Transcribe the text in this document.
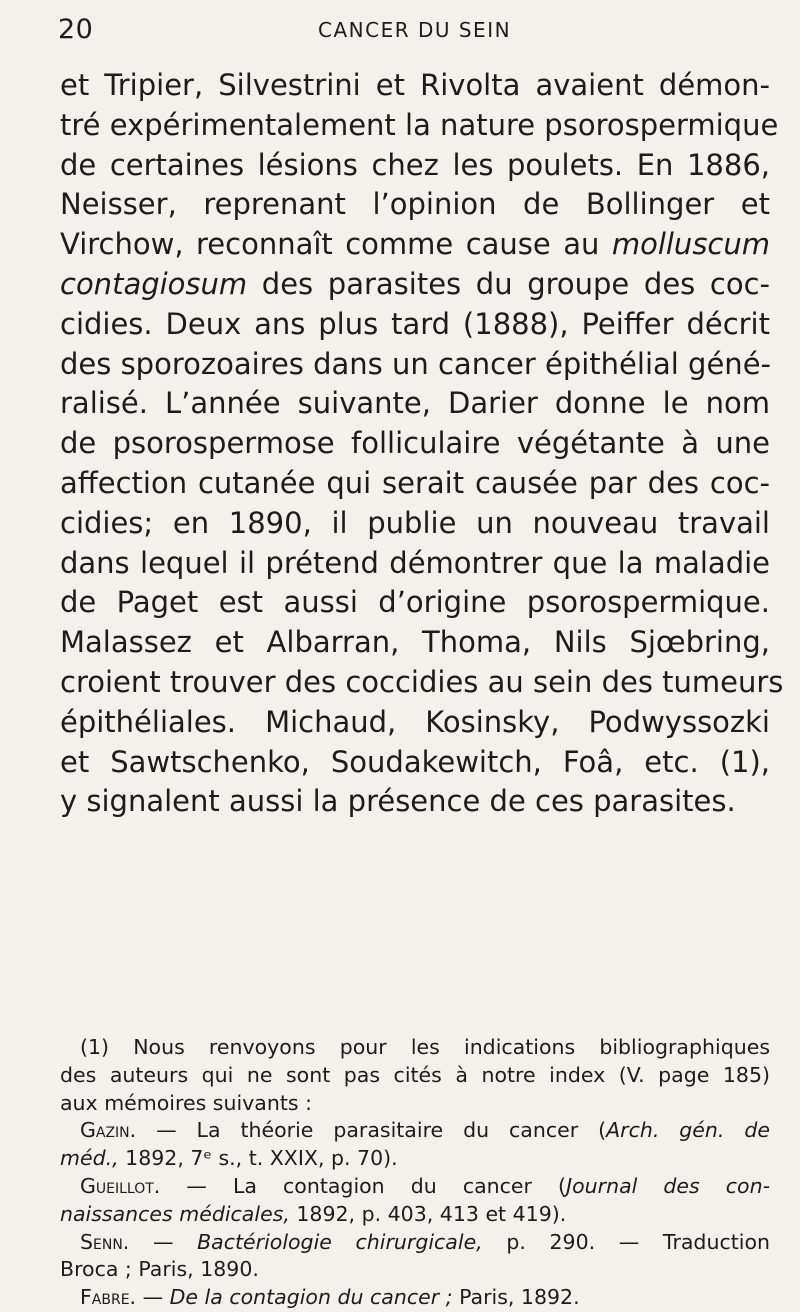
20	CANCER DU SEIN
et Tripier, Silvestrini et Rivolta avaient démon-
tré expérimentalement la nature psorospermique
de certaines lésions chez les poulets. En 1886,
Neisser, reprenant l’opinion de Bollinger et
Virchow, reconnaît comme cause au molluscum
contagiosum des parasites du groupe des coc-
cidies. Deux ans plus tard (1888), Peiffer décrit
des sporozoaires dans un cancer épithélial géné-
ralisé. L’année suivante, Darier donne le nom
de psorospermose folliculaire végétante à une
affection cutanée qui serait causée par des coc-
cidies; en 1890, il publie un nouveau travail
dans lequel il prétend démontrer que la maladie
de Paget est aussi d’origine psorospermique.
Malassez et Albarran, Thoma, Nils Sjœbring,
croient trouver des coccidies au sein des tumeurs
épithéliales. Michaud, Kosinsky, Podwyssozki
et Sawtschenko, Soudakewitch, Foâ, etc. (1),
y signalent aussi la présence de ces parasites.
(1) Nous renvoyons pour les indications bibliographiques
des auteurs qui ne sont pas cités à notre index (V. page 185)
aux mémoires suivants :
Gazin. — La théorie parasitaire du cancer (Arch. gén. de
méd., 1892, 7ᵉ s., t. XXIX, p. 70).
Gueillot. — La contagion du cancer (Journal des con-
naissances médicales, 1892, p. 403, 413 et 419).
Senn. — Bactériologie chirurgicale, p. 290. — Traduction
Broca ; Paris, 1890.
Fabre. — De la contagion du cancer ; Paris, 1892.
